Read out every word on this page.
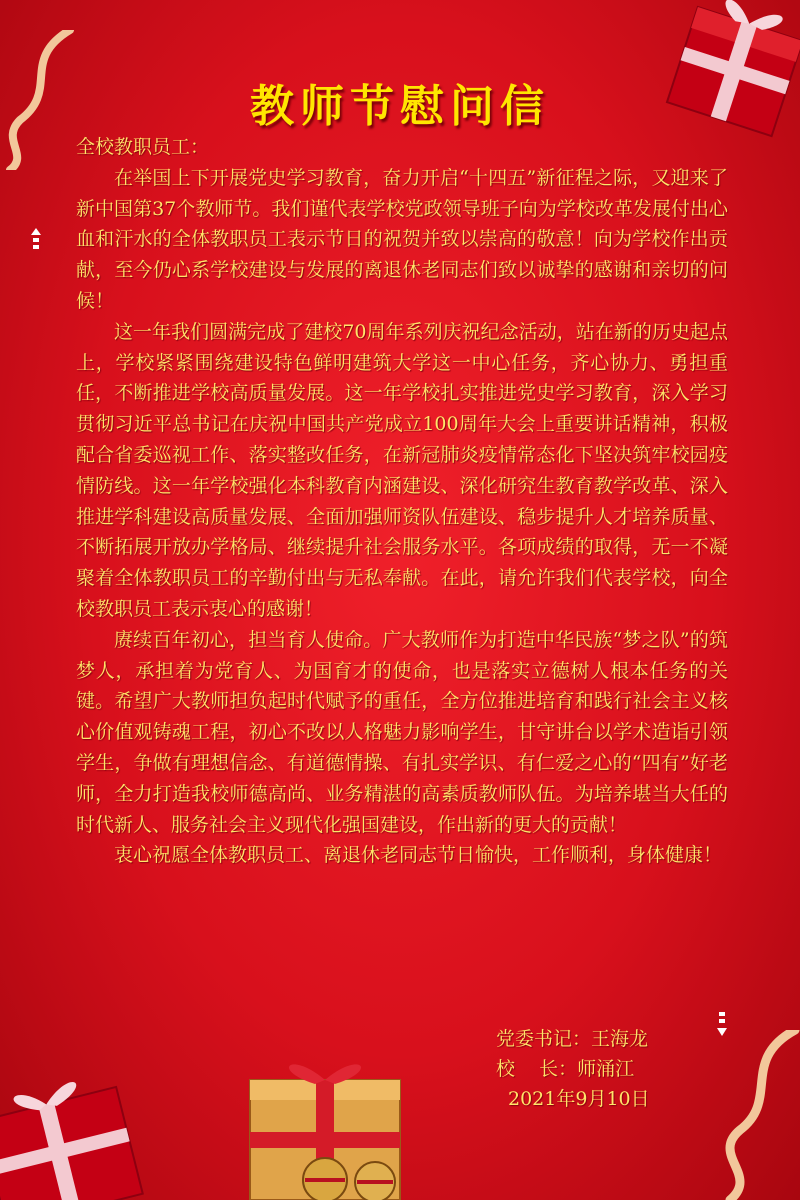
教师节慰问信

全校教职员工：

在举国上下开展党史学习教育，奋力开启“十四五”新征程之际，又迎来了新中国第37个教师节。我们谨代表学校党政领导班子向为学校改革发展付出心血和汗水的全体教职员工表示节日的祝贺并致以崇高的敬意！向为学校作出贡献，至今仍心系学校建设与发展的离退休老同志们致以诚挚的感谢和亲切的问候！

这一年我们圆满完成了建校70周年系列庆祝纪念活动，站在新的历史起点上，学校紧紧围绕建设特色鲜明建筑大学这一中心任务，齐心协力、勇担重任，不断推进学校高质量发展。这一年学校扎实推进党史学习教育，深入学习贯彻习近平总书记在庆祝中国共产党成立100周年大会上重要讲话精神，积极配合省委巡视工作、落实整改任务，在新冠肺炎疫情常态化下坚决筑牢校园疫情防线。这一年学校强化本科教育内涵建设、深化研究生教育教学改革、深入推进学科建设高质量发展、全面加强师资队伍建设、稳步提升人才培养质量、不断拓展开放办学格局、继续提升社会服务水平。各项成绩的取得，无一不凝聚着全体教职员工的辛勤付出与无私奉献。在此，请允许我们代表学校，向全校教职员工表示衷心的感谢！

赓续百年初心，担当育人使命。广大教师作为打造中华民族“梦之队”的筑梦人，承担着为党育人、为国育才的使命，也是落实立德树人根本任务的关键。希望广大教师担负起时代赋予的重任，全方位推进培育和践行社会主义核心价值观铸魂工程，初心不改以人格魅力影响学生，甘守讲台以学术造诣引领学生，争做有理想信念、有道德情操、有扎实学识、有仁爱之心的“四有”好老师，全力打造我校师德高尚、业务精湛的高素质教师队伍。为培养堪当大任的时代新人、服务社会主义现代化强国建设，作出新的更大的贡献！

衷心祝愿全体教职员工、离退休老同志节日愉快，工作顺利，身体健康！

党委书记：王海龙
校    长：师涌江
2021年9月10日
